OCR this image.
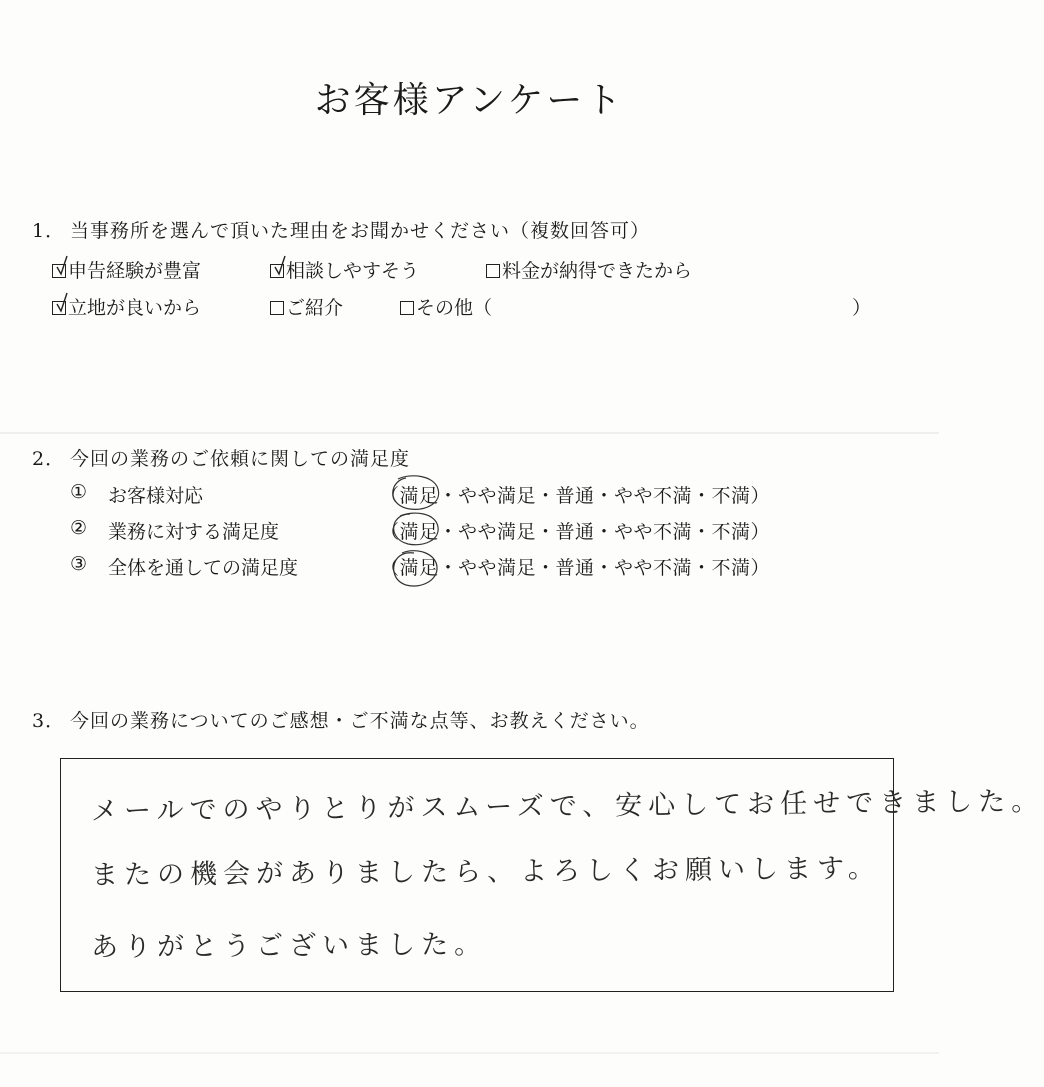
お客様アンケート
1． 当事務所を選んで頂いた理由をお聞かせください（複数回答可）
申告経験が豊富	相談しやすそう	料金が納得できたから
立地が良いから	ご紹介	その他（	）
2． 今回の業務のご依頼に関しての満足度
① お客様対応	（満足・やや満足・普通・やや不満・不満）
② 業務に対する満足度	（満足・やや満足・普通・やや不満・不満）
③ 全体を通しての満足度	（満足・やや満足・普通・やや不満・不満）
3． 今回の業務についてのご感想・ご不満な点等、お教えください。
メールでのやりとりがスムーズで、安心してお任せできました。
またの機会がありましたら、よろしくお願いします。
ありがとうございました。
